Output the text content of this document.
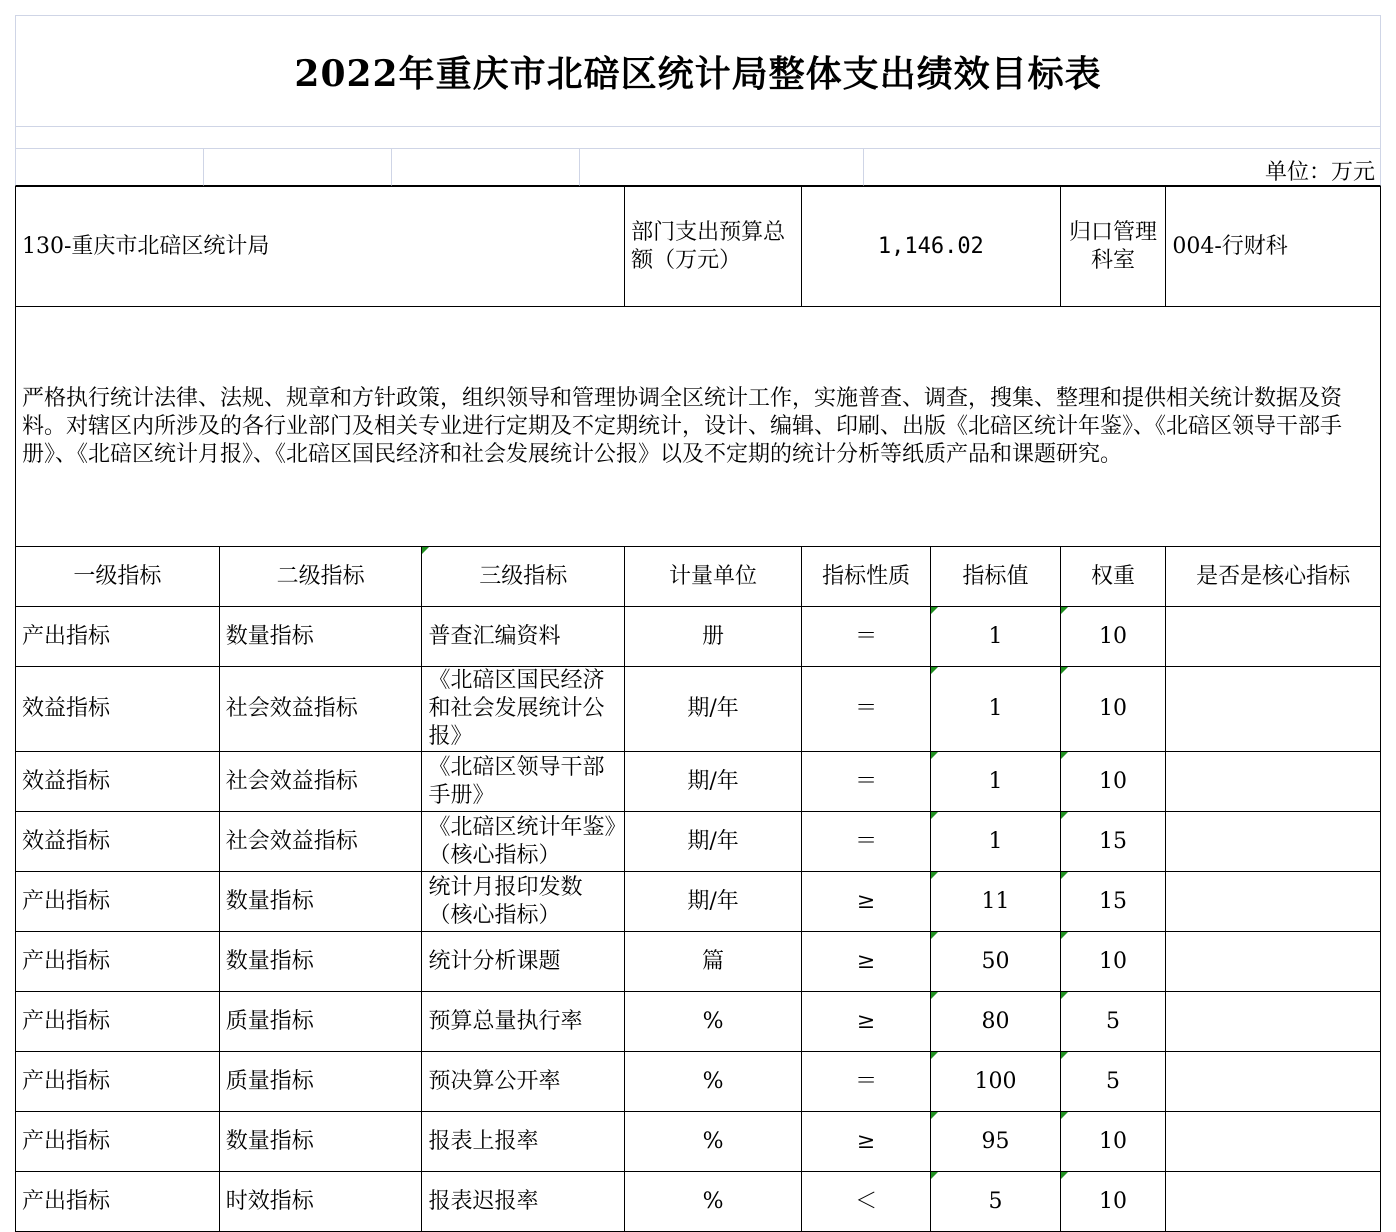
2022年重庆市北碚区统计局整体支出绩效目标表
单位：万元
130-重庆市北碚区统计局			部门支出预算总额（万元）	1,146.02		归口管理科室	004-行财科
严格执行统计法律、法规、规章和方针政策，组织领导和管理协调全区统计工作，实施普查、调查，搜集、整理和提供相关统计数据及资料。对辖区内所涉及的各行业部门及相关专业进行定期及不定期统计，设计、编辑、印刷、出版《北碚区统计年鉴》、《北碚区领导干部手册》、《北碚区统计月报》、《北碚区国民经济和社会发展统计公报》以及不定期的统计分析等纸质产品和课题研究。							
一级指标	二级指标	三级指标	计量单位	指标性质	指标值	权重	是否是核心指标
产出指标	数量指标	普查汇编资料	册	＝	1	10	
效益指标	社会效益指标	《北碚区国民经济和社会发展统计公报》	期/年	＝	1	10	
效益指标	社会效益指标	《北碚区领导干部手册》	期/年	＝	1	10	
效益指标	社会效益指标	《北碚区统计年鉴》（核心指标）	期/年	＝	1	15	
产出指标	数量指标	统计月报印发数（核心指标）	期/年	≥	11	15	
产出指标	数量指标	统计分析课题	篇	≥	50	10	
产出指标	质量指标	预算总量执行率	%	≥	80	5	
产出指标	质量指标	预决算公开率	%	＝	100	5	
产出指标	数量指标	报表上报率	%	≥	95	10	
产出指标	时效指标	报表迟报率	%	＜	5	10	
